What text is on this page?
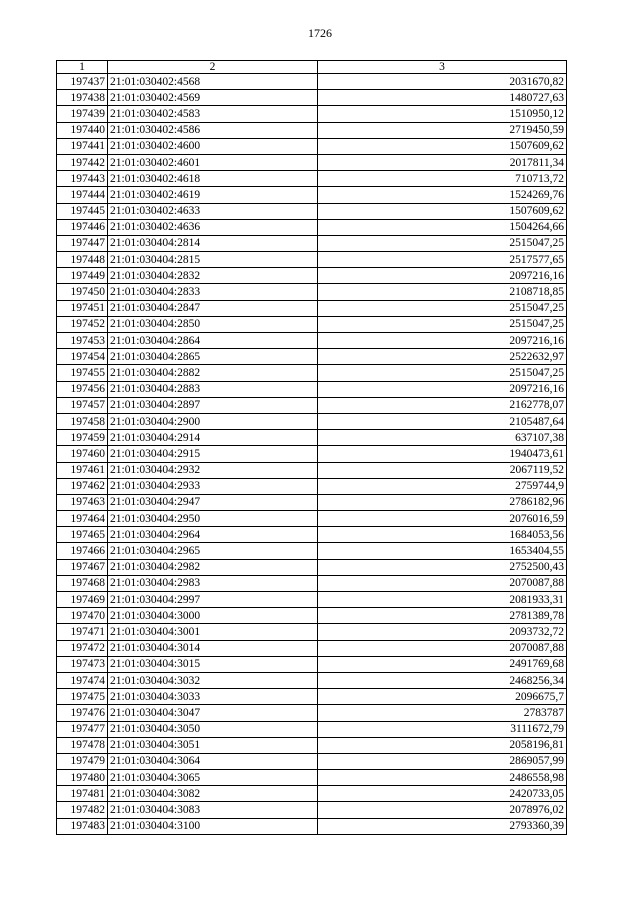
1726
1	2	3
197437	21:01:030402:4568	2031670,82
197438	21:01:030402:4569	1480727,63
197439	21:01:030402:4583	1510950,12
197440	21:01:030402:4586	2719450,59
197441	21:01:030402:4600	1507609,62
197442	21:01:030402:4601	2017811,34
197443	21:01:030402:4618	710713,72
197444	21:01:030402:4619	1524269,76
197445	21:01:030402:4633	1507609,62
197446	21:01:030402:4636	1504264,66
197447	21:01:030404:2814	2515047,25
197448	21:01:030404:2815	2517577,65
197449	21:01:030404:2832	2097216,16
197450	21:01:030404:2833	2108718,85
197451	21:01:030404:2847	2515047,25
197452	21:01:030404:2850	2515047,25
197453	21:01:030404:2864	2097216,16
197454	21:01:030404:2865	2522632,97
197455	21:01:030404:2882	2515047,25
197456	21:01:030404:2883	2097216,16
197457	21:01:030404:2897	2162778,07
197458	21:01:030404:2900	2105487,64
197459	21:01:030404:2914	637107,38
197460	21:01:030404:2915	1940473,61
197461	21:01:030404:2932	2067119,52
197462	21:01:030404:2933	2759744,9
197463	21:01:030404:2947	2786182,96
197464	21:01:030404:2950	2076016,59
197465	21:01:030404:2964	1684053,56
197466	21:01:030404:2965	1653404,55
197467	21:01:030404:2982	2752500,43
197468	21:01:030404:2983	2070087,88
197469	21:01:030404:2997	2081933,31
197470	21:01:030404:3000	2781389,78
197471	21:01:030404:3001	2093732,72
197472	21:01:030404:3014	2070087,88
197473	21:01:030404:3015	2491769,68
197474	21:01:030404:3032	2468256,34
197475	21:01:030404:3033	2096675,7
197476	21:01:030404:3047	2783787
197477	21:01:030404:3050	3111672,79
197478	21:01:030404:3051	2058196,81
197479	21:01:030404:3064	2869057,99
197480	21:01:030404:3065	2486558,98
197481	21:01:030404:3082	2420733,05
197482	21:01:030404:3083	2078976,02
197483	21:01:030404:3100	2793360,39
